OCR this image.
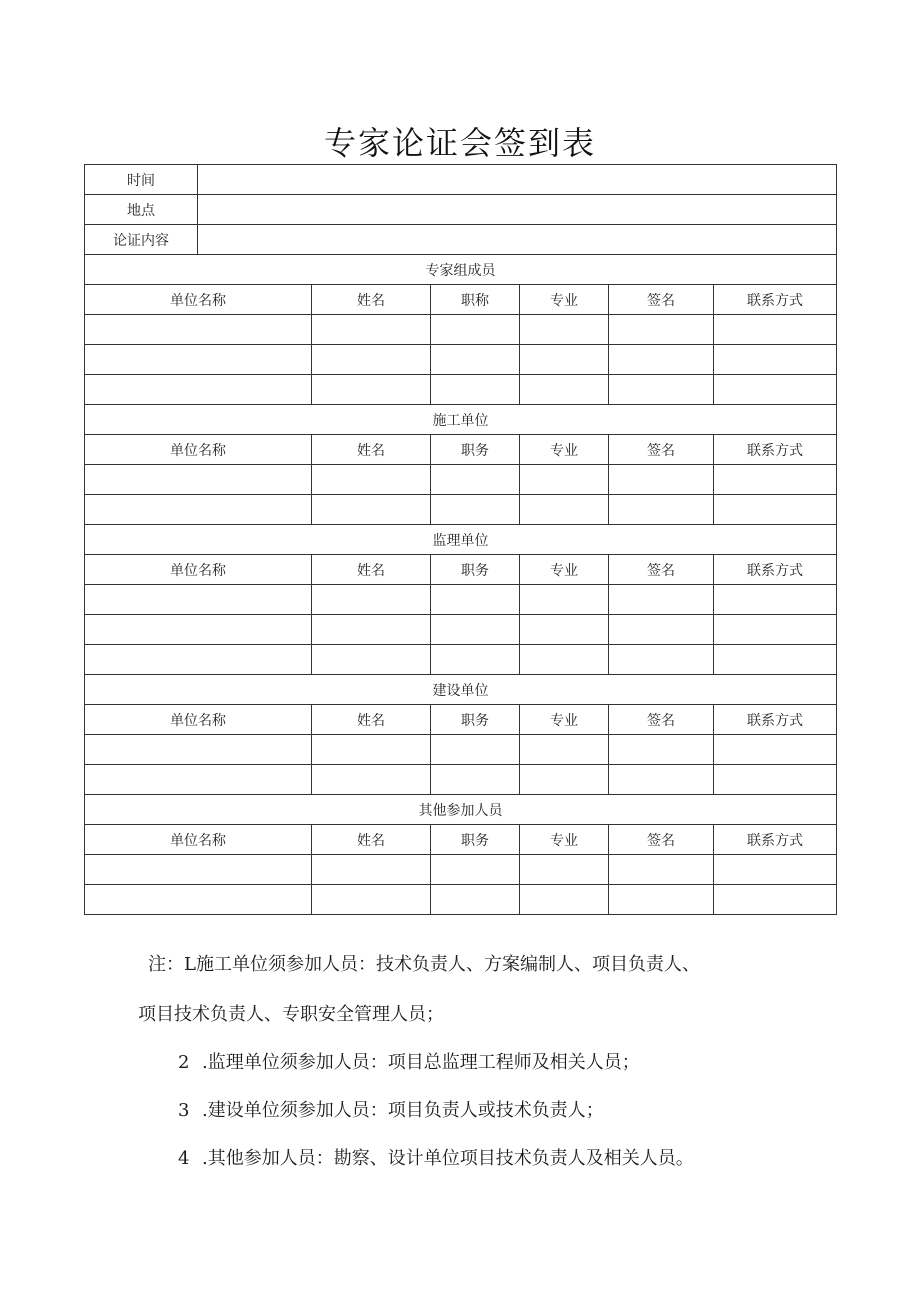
专家论证会签到表
时间						
地点						
论证内容						
专家组成员						
单位名称		姓名	职称	专业	签名	联系方式

施工单位						
单位名称		姓名	职务	专业	签名	联系方式

监理单位						
单位名称		姓名	职务	专业	签名	联系方式

建设单位						
单位名称		姓名	职务	专业	签名	联系方式

其他参加人员						
单位名称		姓名	职务	专业	签名	联系方式

注：L施工单位须参加人员：技术负责人、方案编制人、项目负责人、
项目技术负责人、专职安全管理人员；
2 .监理单位须参加人员：项目总监理工程师及相关人员；
3 .建设单位须参加人员：项目负责人或技术负责人；
4 .其他参加人员：勘察、设计单位项目技术负责人及相关人员。
